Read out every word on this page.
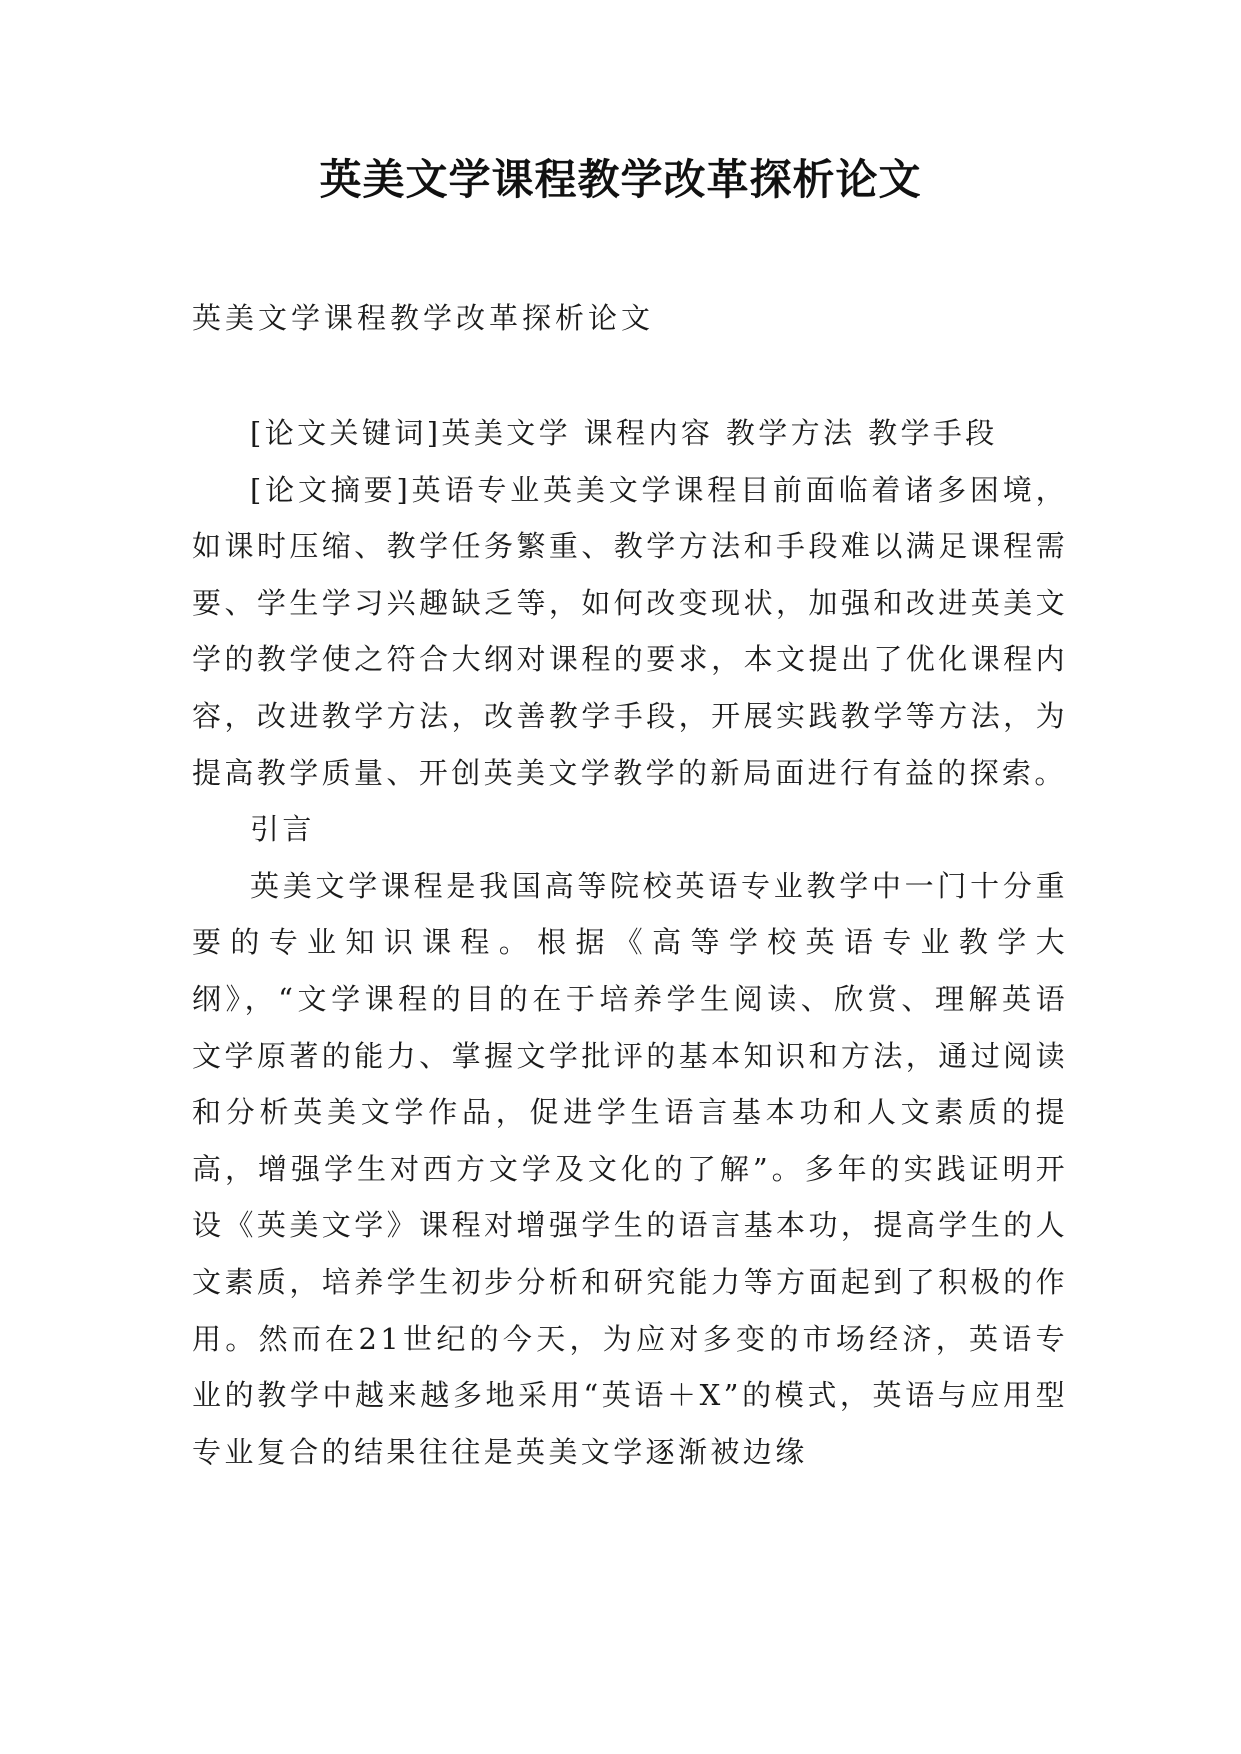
英美文学课程教学改革探析论文
英美文学课程教学改革探析论文

[论文关键词]英美文学 课程内容 教学方法 教学手段

[论文摘要]英语专业英美文学课程目前面临着诸多困境，如课时压缩、教学任务繁重、教学方法和手段难以满足课程需要、学生学习兴趣缺乏等，如何改变现状，加强和改进英美文学的教学使之符合大纲对课程的要求，本文提出了优化课程内容，改进教学方法，改善教学手段，开展实践教学等方法，为提高教学质量、开创英美文学教学的新局面进行有益的探索。

引言

英美文学课程是我国高等院校英语专业教学中一门十分重要的专业知识课程。根据《高等学校英语专业教学大纲》，“文学课程的目的在于培养学生阅读、欣赏、理解英语文学原著的能力、掌握文学批评的基本知识和方法，通过阅读和分析英美文学作品，促进学生语言基本功和人文素质的提高，增强学生对西方文学及文化的了解”。多年的实践证明开设《英美文学》课程对增强学生的语言基本功，提高学生的人文素质，培养学生初步分析和研究能力等方面起到了积极的作用。然而在21世纪的今天，为应对多变的市场经济，英语专业的教学中越来越多地采用“英语＋X”的模式，英语与应用型专业复合的结果往往是英美文学逐渐被边缘
